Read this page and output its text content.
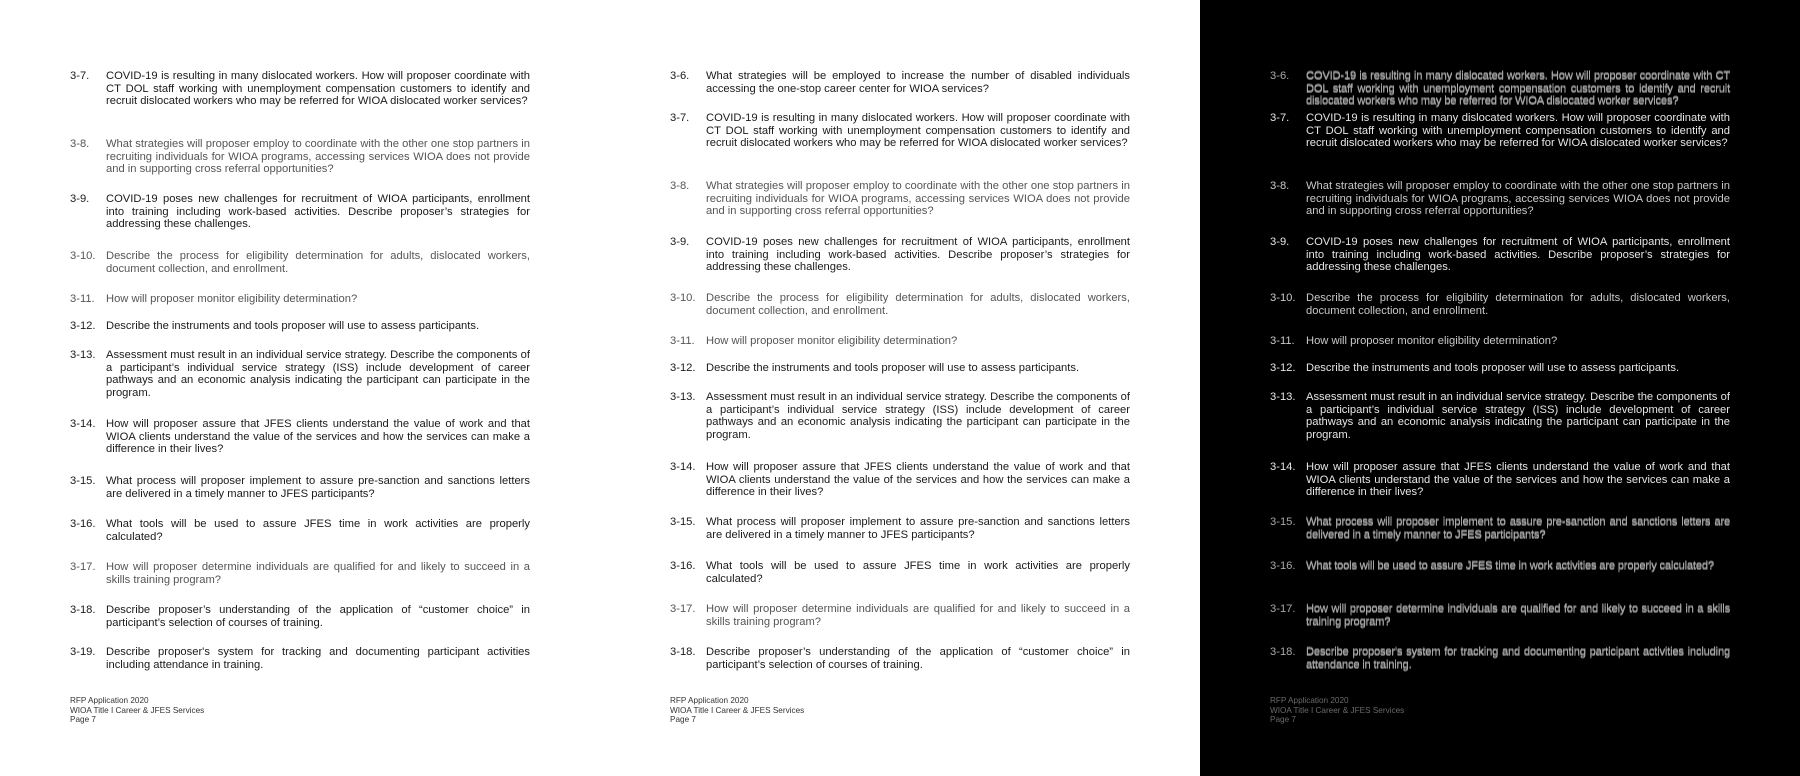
3-7.	COVID-19 is resulting in many dislocated workers. How will proposer coordinate with CT DOL staff working with unemployment compensation customers to identify and recruit dislocated workers who may be referred for WIOA dislocated worker services?
3-8.	What strategies will proposer employ to coordinate with the other one stop partners in recruiting individuals for WIOA programs, accessing services WIOA does not provide and in supporting cross referral opportunities?
3-9.	COVID-19 poses new challenges for recruitment of WIOA participants, enrollment into training including work-based activities. Describe proposer’s strategies for addressing these challenges.
3-10. Describe the process for eligibility determination for adults, dislocated workers, document collection, and enrollment.
3-11.	How will proposer monitor eligibility determination?
3-12. Describe the instruments and tools proposer will use to assess participants.
3-13. Assessment must result in an individual service strategy. Describe the components of a participant’s individual service strategy (ISS) include development of career pathways and an economic analysis indicating the participant can participate in the program.
3-14. How will proposer assure that JFES clients understand the value of work and that WIOA clients understand the value of the services and how the services can make a difference in their lives?
3-15. What process will proposer implement to assure pre-sanction and sanctions letters are delivered in a timely manner to JFES participants?
3-16. What tools will be used to assure JFES time in work activities are properly calculated?
3-17. How will proposer determine individuals are qualified for and likely to succeed in a skills training program?
3-18. Describe proposer’s understanding of the application of “customer choice” in participant’s selection of courses of training.
3-19. Describe proposer's system for tracking and documenting participant activities including attendance in training.
RFP Application 2020
WIOA Title I Career & JFES Services
Page 7
3-6.	What strategies will be employed to increase the number of disabled individuals accessing the one-stop career center for WIOA services?
3-7.	COVID-19 is resulting in many dislocated workers. How will proposer coordinate with CT DOL staff working with unemployment compensation customers to identify and recruit dislocated workers who may be referred for WIOA dislocated worker services?
3-8.	What strategies will proposer employ to coordinate with the other one stop partners in recruiting individuals for WIOA programs, accessing services WIOA does not provide and in supporting cross referral opportunities?
3-9.	COVID-19 poses new challenges for recruitment of WIOA participants, enrollment into training including work-based activities. Describe proposer’s strategies for addressing these challenges.
3-10. Describe the process for eligibility determination for adults, dislocated workers, document collection, and enrollment.
3-11.	How will proposer monitor eligibility determination?
3-12. Describe the instruments and tools proposer will use to assess participants.
3-13. Assessment must result in an individual service strategy. Describe the components of a participant’s individual service strategy (ISS) include development of career pathways and an economic analysis indicating the participant can participate in the program.
3-14. How will proposer assure that JFES clients understand the value of work and that WIOA clients understand the value of the services and how the services can make a difference in their lives?
3-15. What process will proposer implement to assure pre-sanction and sanctions letters are delivered in a timely manner to JFES participants?
3-16. What tools will be used to assure JFES time in work activities are properly calculated?
3-17. How will proposer determine individuals are qualified for and likely to succeed in a skills training program?
3-18. Describe proposer’s understanding of the application of “customer choice” in participant’s selection of courses of training.
RFP Application 2020
WIOA Title I Career & JFES Services
Page 7
3-6.	COVID-19 is resulting in many dislocated workers. How will proposer coordinate with CT DOL staff working with unemployment compensation customers to identify and recruit dislocated workers who may be referred for WIOA dislocated worker services?
3-7.	COVID-19 is resulting in many dislocated workers. How will proposer coordinate with CT DOL staff working with unemployment compensation customers to identify and recruit dislocated workers who may be referred for WIOA dislocated worker services?
3-8.	What strategies will proposer employ to coordinate with the other one stop partners in recruiting individuals for WIOA programs, accessing services WIOA does not provide and in supporting cross referral opportunities?
3-9.	COVID-19 poses new challenges for recruitment of WIOA participants, enrollment into training including work-based activities. Describe proposer’s strategies for addressing these challenges.
3-10. Describe the process for eligibility determination for adults, dislocated workers, document collection, and enrollment.
3-11.	How will proposer monitor eligibility determination?
3-12. Describe the instruments and tools proposer will use to assess participants.
3-13. Assessment must result in an individual service strategy. Describe the components of a participant’s individual service strategy (ISS) include development of career pathways and an economic analysis indicating the participant can participate in the program.
3-14. How will proposer assure that JFES clients understand the value of work and that WIOA clients understand the value of the services and how the services can make a difference in their lives?
3-15. What process will proposer implement to assure pre-sanction and sanctions letters are delivered in a timely manner to JFES participants?
3-16. What tools will be used to assure JFES time in work activities are properly calculated?
3-17. How will proposer determine individuals are qualified for and likely to succeed in a skills training program?
3-18. Describe proposer's system for tracking and documenting participant activities including attendance in training.
RFP Application 2020
WIOA Title I Career & JFES Services
Page 7
